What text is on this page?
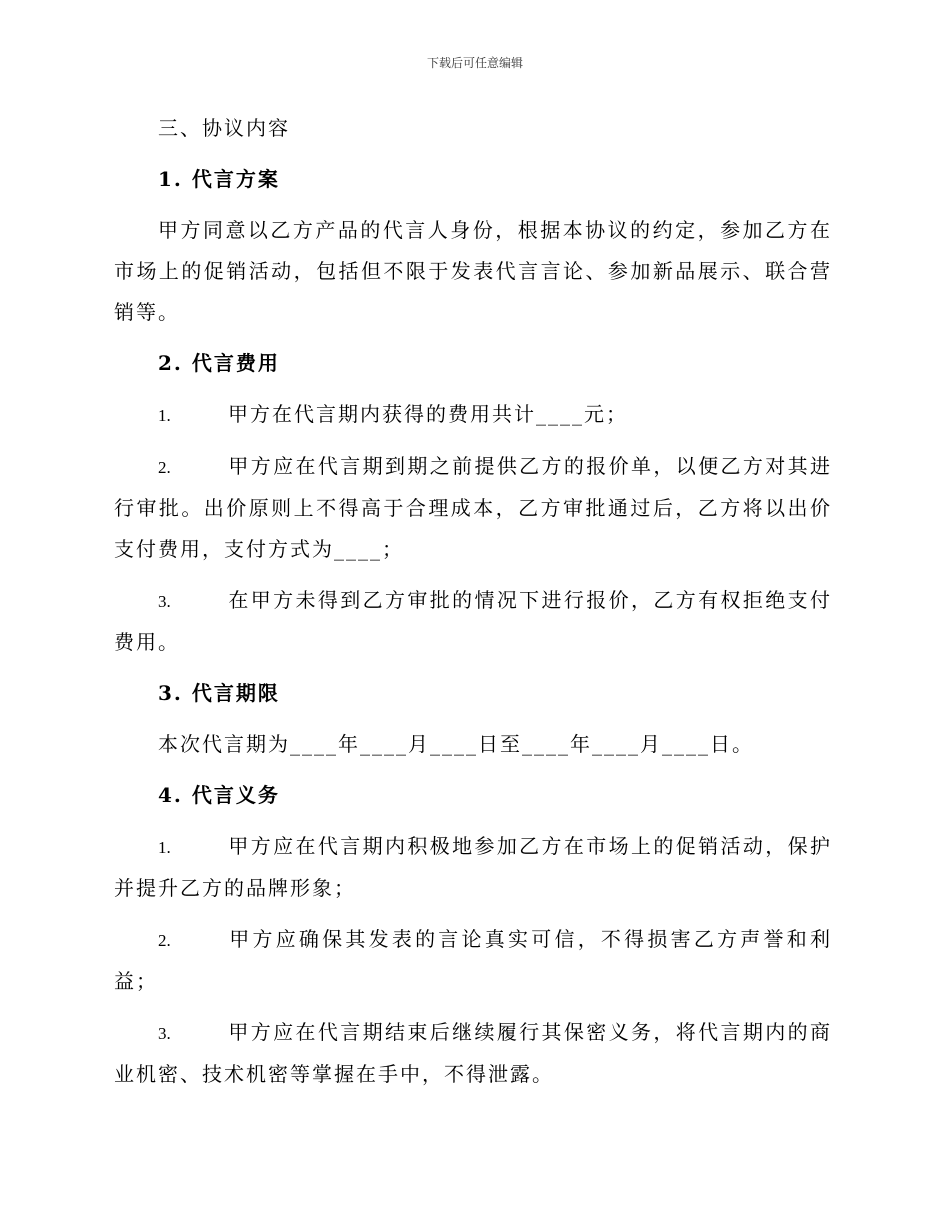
下载后可任意编辑

三、协议内容

1. 代言方案

甲方同意以乙方产品的代言人身份，根据本协议的约定，参加乙方在市场上的促销活动，包括但不限于发表代言言论、参加新品展示、联合营销等。

2. 代言费用

1.	甲方在代言期内获得的费用共计____元；

2.	甲方应在代言期到期之前提供乙方的报价单，以便乙方对其进行审批。出价原则上不得高于合理成本，乙方审批通过后，乙方将以出价支付费用，支付方式为____；

3.	在甲方未得到乙方审批的情况下进行报价，乙方有权拒绝支付费用。

3. 代言期限

本次代言期为____年____月____日至____年____月____日。

4. 代言义务

1.	甲方应在代言期内积极地参加乙方在市场上的促销活动，保护并提升乙方的品牌形象；

2.	甲方应确保其发表的言论真实可信，不得损害乙方声誉和利益；

3.	甲方应在代言期结束后继续履行其保密义务，将代言期内的商业机密、技术机密等掌握在手中，不得泄露。
